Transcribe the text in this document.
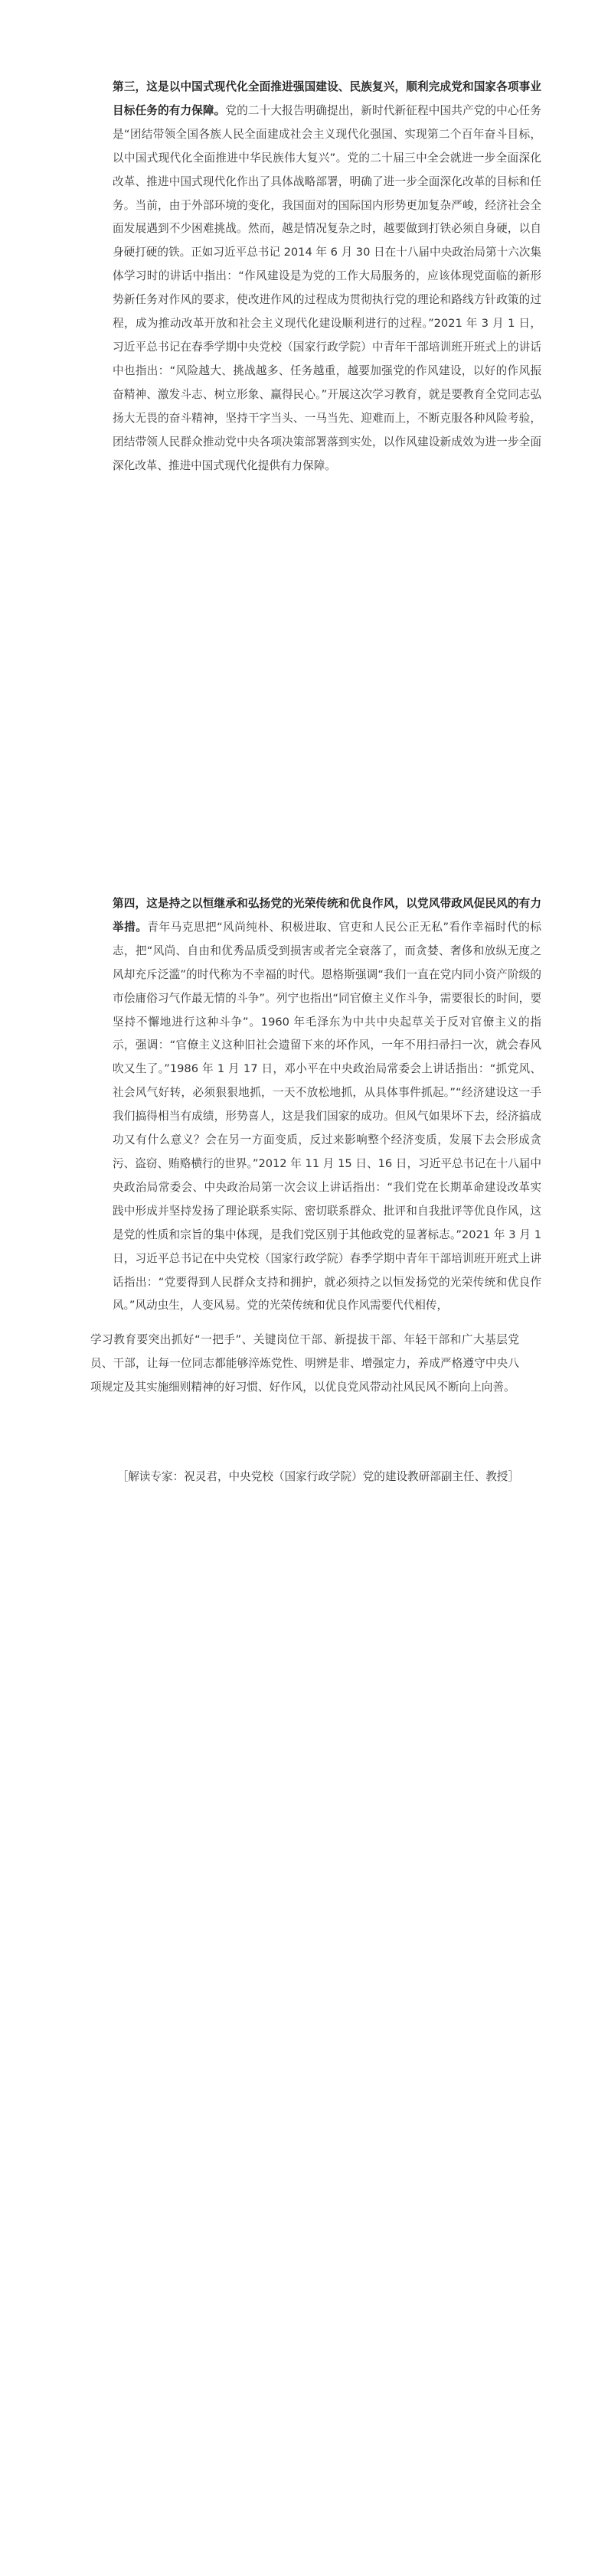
第三，这是以中国式现代化全面推进强国建设、民族复兴，顺利完成党和国家各项事业目标任务的有力保障。党的二十大报告明确提出，新时代新征程中国共产党的中心任务是“团结带领全国各族人民全面建成社会主义现代化强国、实现第二个百年奋斗目标，以中国式现代化全面推进中华民族伟大复兴”。党的二十届三中全会就进一步全面深化改革、推进中国式现代化作出了具体战略部署，明确了进一步全面深化改革的目标和任务。当前，由于外部环境的变化，我国面对的国际国内形势更加复杂严峻，经济社会全面发展遇到不少困难挑战。然而，越是情况复杂之时，越要做到打铁必须自身硬，以自身硬打硬的铁。正如习近平总书记 2014 年 6 月 30 日在十八届中央政治局第十六次集体学习时的讲话中指出：“作风建设是为党的工作大局服务的，应该体现党面临的新形势新任务对作风的要求，使改进作风的过程成为贯彻执行党的理论和路线方针政策的过程，成为推动改革开放和社会主义现代化建设顺利进行的过程。”2021 年 3 月 1 日，习近平总书记在春季学期中央党校（国家行政学院）中青年干部培训班开班式上的讲话中也指出：“风险越大、挑战越多、任务越重，越要加强党的作风建设，以好的作风振奋精神、激发斗志、树立形象、赢得民心。”开展这次学习教育，就是要教育全党同志弘扬大无畏的奋斗精神，坚持干字当头、一马当先、迎难而上，不断克服各种风险考验，团结带领人民群众推动党中央各项决策部署落到实处，以作风建设新成效为进一步全面深化改革、推进中国式现代化提供有力保障。

第四，这是持之以恒继承和弘扬党的光荣传统和优良作风，以党风带政风促民风的有力举措。青年马克思把“风尚纯朴、积极进取、官吏和人民公正无私”看作幸福时代的标志，把“风尚、自由和优秀品质受到损害或者完全衰落了，而贪婪、奢侈和放纵无度之风却充斥泛滥”的时代称为不幸福的时代。恩格斯强调“我们一直在党内同小资产阶级的市侩庸俗习气作最无情的斗争”。列宁也指出“同官僚主义作斗争，需要很长的时间，要坚持不懈地进行这种斗争”。1960 年毛泽东为中共中央起草关于反对官僚主义的指示，强调：“官僚主义这种旧社会遗留下来的坏作风，一年不用扫帚扫一次，就会春风吹又生了。”1986 年 1 月 17 日，邓小平在中央政治局常委会上讲话指出：“抓党风、社会风气好转，必须狠狠地抓，一天不放松地抓，从具体事件抓起。”“经济建设这一手我们搞得相当有成绩，形势喜人，这是我们国家的成功。但风气如果坏下去，经济搞成功又有什么意义？会在另一方面变质，反过来影响整个经济变质，发展下去会形成贪污、盗窃、贿赂横行的世界。”2012 年 11 月 15 日、16 日，习近平总书记在十八届中央政治局常委会、中央政治局第一次会议上讲话指出：“我们党在长期革命建设改革实践中形成并坚持发扬了理论联系实际、密切联系群众、批评和自我批评等优良作风，这是党的性质和宗旨的集中体现，是我们党区别于其他政党的显著标志。”2021 年 3 月 1 日，习近平总书记在中央党校（国家行政学院）春季学期中青年干部培训班开班式上讲话指出：“党要得到人民群众支持和拥护，就必须持之以恒发扬党的光荣传统和优良作风。”风动虫生，人变风易。党的光荣传统和优良作风需要代代相传，

学习教育要突出抓好“一把手”、关键岗位干部、新提拔干部、年轻干部和广大基层党员、干部，让每一位同志都能够淬炼党性、明辨是非、增强定力，养成严格遵守中央八项规定及其实施细则精神的好习惯、好作风，以优良党风带动社风民风不断向上向善。

［解读专家：祝灵君，中央党校（国家行政学院）党的建设教研部副主任、教授］
